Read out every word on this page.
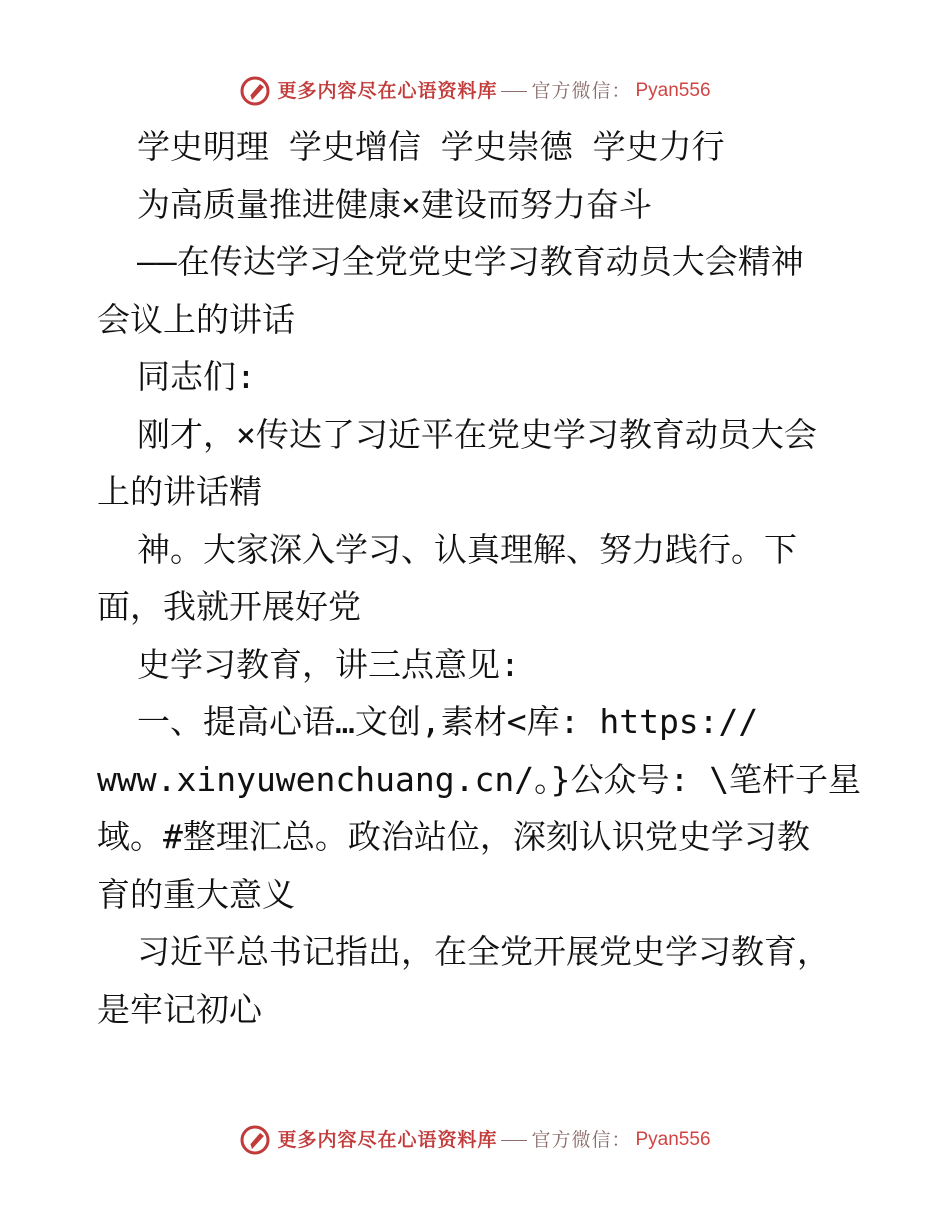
更多内容尽在心语资料库 官方微信： Pyan556
学史明理 学史增信 学史崇德 学史力行
为高质量推进健康×建设而努力奋斗
——在传达学习全党党史学习教育动员大会精神
会议上的讲话
同志们:
刚才，×传达了习近平在党史学习教育动员大会
上的讲话精
神。大家深入学习、认真理解、努力践行。下
面，我就开展好党
史学习教育，讲三点意见:
一、提高心语…文创,素材<库: https://
www.xinyuwenchuang.cn/。}公众号: \笔杆子星
域。#整理汇总。政治站位，深刻认识党史学习教
育的重大意义
习近平总书记指出，在全党开展党史学习教育，
是牢记初心
更多内容尽在心语资料库 官方微信： Pyan556
